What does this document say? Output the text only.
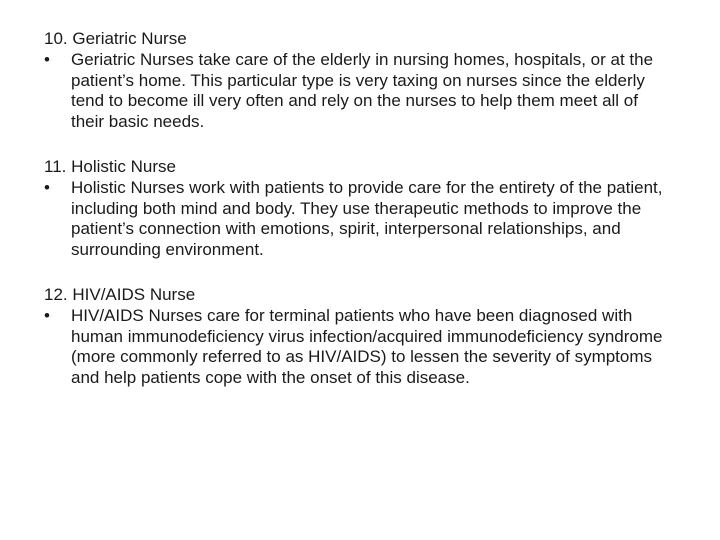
10. Geriatric Nurse

•	Geriatric Nurses take care of the elderly in nursing homes, hospitals, or at the patient’s home. This particular type is very taxing on nurses since the elderly tend to become ill very often and rely on the nurses to help them meet all of their basic needs.

11. Holistic Nurse

•	Holistic Nurses work with patients to provide care for the entirety of the patient, including both mind and body. They use therapeutic methods to improve the patient’s connection with emotions, spirit, interpersonal relationships, and surrounding environment.

12. HIV/AIDS Nurse

•	HIV/AIDS Nurses care for terminal patients who have been diagnosed with human immunodeficiency virus infection/acquired immunodeficiency syndrome (more commonly referred to as HIV/AIDS) to lessen the severity of symptoms and help patients cope with the onset of this disease.
